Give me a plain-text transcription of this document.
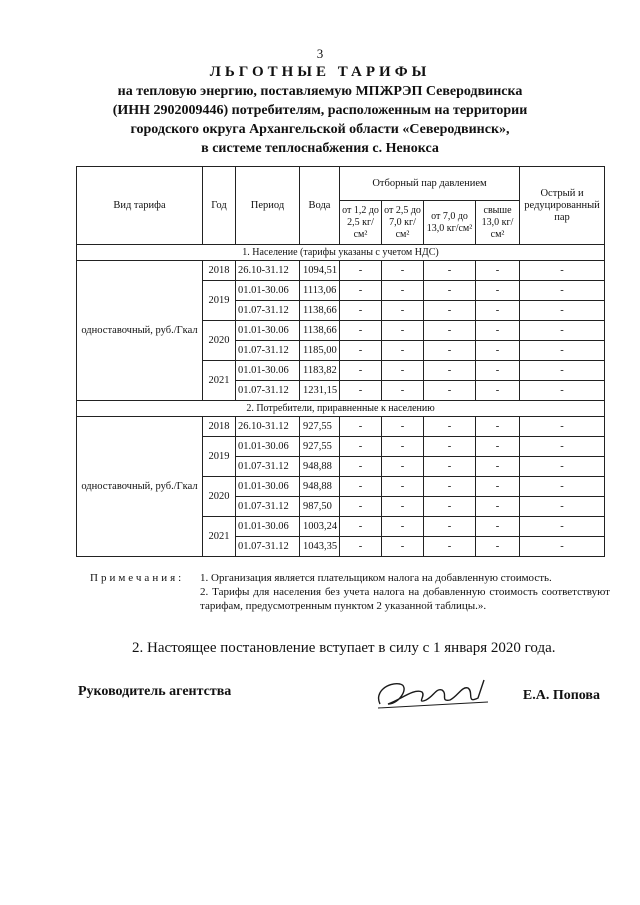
3
ЛЬГОТНЫЕ ТАРИФЫ
на тепловую энергию, поставляемую МПЖРЭП Северодвинска
(ИНН 2902009446) потребителям, расположенным на территории
городского округа Архангельской области «Северодвинск»,
в системе теплоснабжения с. Ненокса
Вид тарифа	Год	Период	Вода	Отборный пар давлением				Острый и редуцированный пар
				от 1,2 до 2,5 кг/см²	от 2,5 до 7,0 кг/см²	от 7,0 до 13,0 кг/см²	свыше 13,0 кг/см²	
1. Население (тарифы указаны с учетом НДС)								
одноставочный, руб./Гкал	2018	26.10-31.12	1094,51	-	-	-	-	-
	2019	01.01-30.06	1113,06	-	-	-	-	-
		01.07-31.12	1138,66	-	-	-	-	-
	2020	01.01-30.06	1138,66	-	-	-	-	-
		01.07-31.12	1185,00	-	-	-	-	-
	2021	01.01-30.06	1183,82	-	-	-	-	-
		01.07-31.12	1231,15	-	-	-	-	-
2. Потребители, приравненные к населению								
одноставочный, руб./Гкал	2018	26.10-31.12	927,55	-	-	-	-	-
	2019	01.01-30.06	927,55	-	-	-	-	-
		01.07-31.12	948,88	-	-	-	-	-
	2020	01.01-30.06	948,88	-	-	-	-	-
		01.07-31.12	987,50	-	-	-	-	-
	2021	01.01-30.06	1003,24	-	-	-	-	-
		01.07-31.12	1043,35	-	-	-	-	-
Примечания: 1. Организация является плательщиком налога на добавленную стоимость.

2. Тарифы для населения без учета налога на добавленную стоимость соответствуют тарифам, предусмотренным пунктом 2 указанной таблицы.».

2. Настоящее постановление вступает в силу с 1 января 2020 года.
Руководитель агентства	Е.А. Попова
